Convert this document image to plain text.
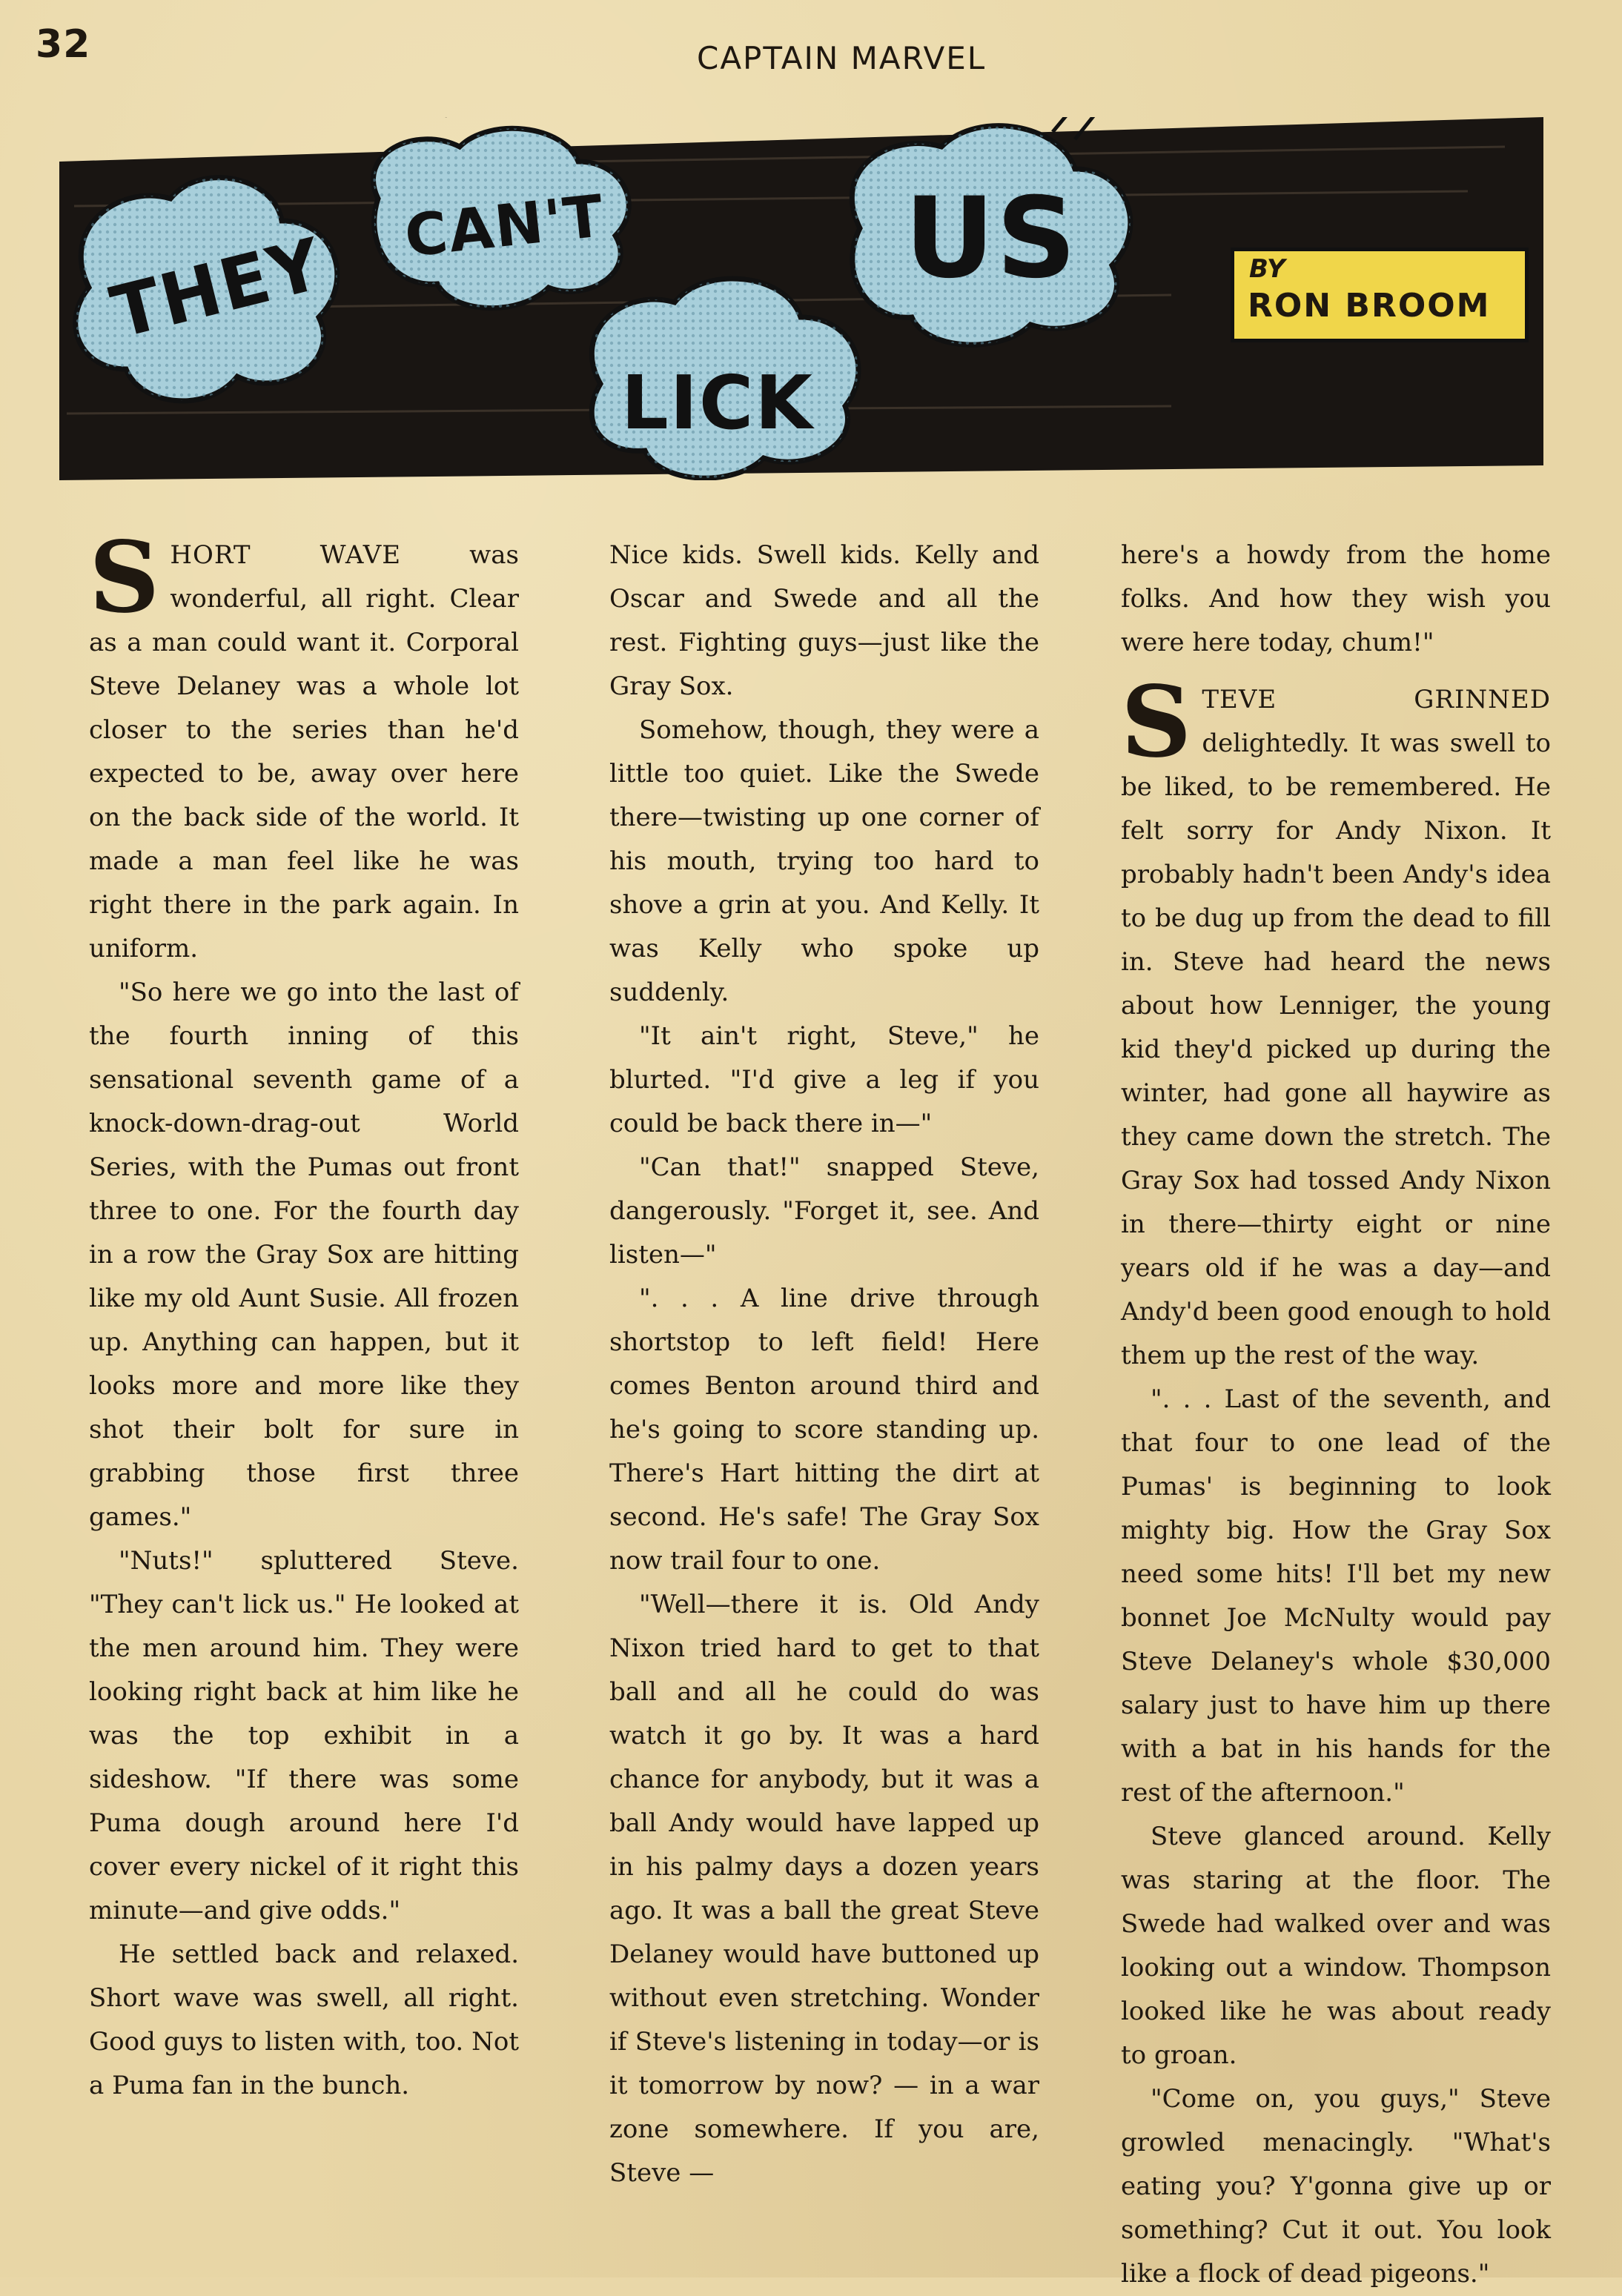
32	CAPTAIN MARVEL
THEY CAN'T
LICK
US	BY
RON BROOM

SHORT WAVE was wonderful, all right. Clear as a man could want it. Corporal Steve Delaney was a whole lot closer to the series than he'd expected to be, away over here on the back side of the world. It made a man feel like he was right there in the park again. In uniform.

"So here we go into the last of the fourth inning of this sensational seventh game of a knock-down-drag-out World Series, with the Pumas out front three to one. For the fourth day in a row the Gray Sox are hitting like my old Aunt Susie. All frozen up. Anything can happen, but it looks more and more like they shot their bolt for sure in grabbing those first three games."

"Nuts!" spluttered Steve. "They can't lick us." He looked at the men around him. They were looking right back at him like he was the top exhibit in a sideshow. "If there was some Puma dough around here I'd cover every nickel of it right this minute—and give odds."

He settled back and relaxed. Short wave was swell, all right. Good guys to listen with, too. Not a Puma fan in the bunch.

Nice kids. Swell kids. Kelly and Oscar and Swede and all the rest. Fighting guys—just like the Gray Sox.

Somehow, though, they were a little too quiet. Like the Swede there—twisting up one corner of his mouth, trying too hard to shove a grin at you. And Kelly. It was Kelly who spoke up suddenly.

"It ain't right, Steve," he blurted. "I'd give a leg if you could be back there in—"

"Can that!" snapped Steve, dangerously. "Forget it, see. And listen—"

". . . A line drive through shortstop to left field! Here comes Benton around third and he's going to score standing up. There's Hart hitting the dirt at second. He's safe! The Gray Sox now trail four to one.

"Well—there it is. Old Andy Nixon tried hard to get to that ball and all he could do was watch it go by. It was a hard chance for anybody, but it was a ball Andy would have lapped up in his palmy days a dozen years ago. It was a ball the great Steve Delaney would have buttoned up without even stretching. Wonder if Steve's listening in today—or is it tomorrow by now? — in a war zone somewhere. If you are, Steve —

here's a howdy from the home folks. And how they wish you were here today, chum!"

STEVE GRINNED delightedly. It was swell to be liked, to be remembered. He felt sorry for Andy Nixon. It probably hadn't been Andy's idea to be dug up from the dead to fill in. Steve had heard the news about how Lenniger, the young kid they'd picked up during the winter, had gone all haywire as they came down the stretch. The Gray Sox had tossed Andy Nixon in there—thirty eight or nine years old if he was a day—and Andy'd been good enough to hold them up the rest of the way.

". . . Last of the seventh, and that four to one lead of the Pumas' is beginning to look mighty big. How the Gray Sox need some hits! I'll bet my new bonnet Joe McNulty would pay Steve Delaney's whole $30,000 salary just to have him up there with a bat in his hands for the rest of the afternoon."

Steve glanced around. Kelly was staring at the floor. The Swede had walked over and was looking out a window. Thompson looked like he was about ready to groan.

"Come on, you guys," Steve growled menacingly. "What's eating you? Y'gonna give up or something? Cut it out. You look like a flock of dead pigeons."
